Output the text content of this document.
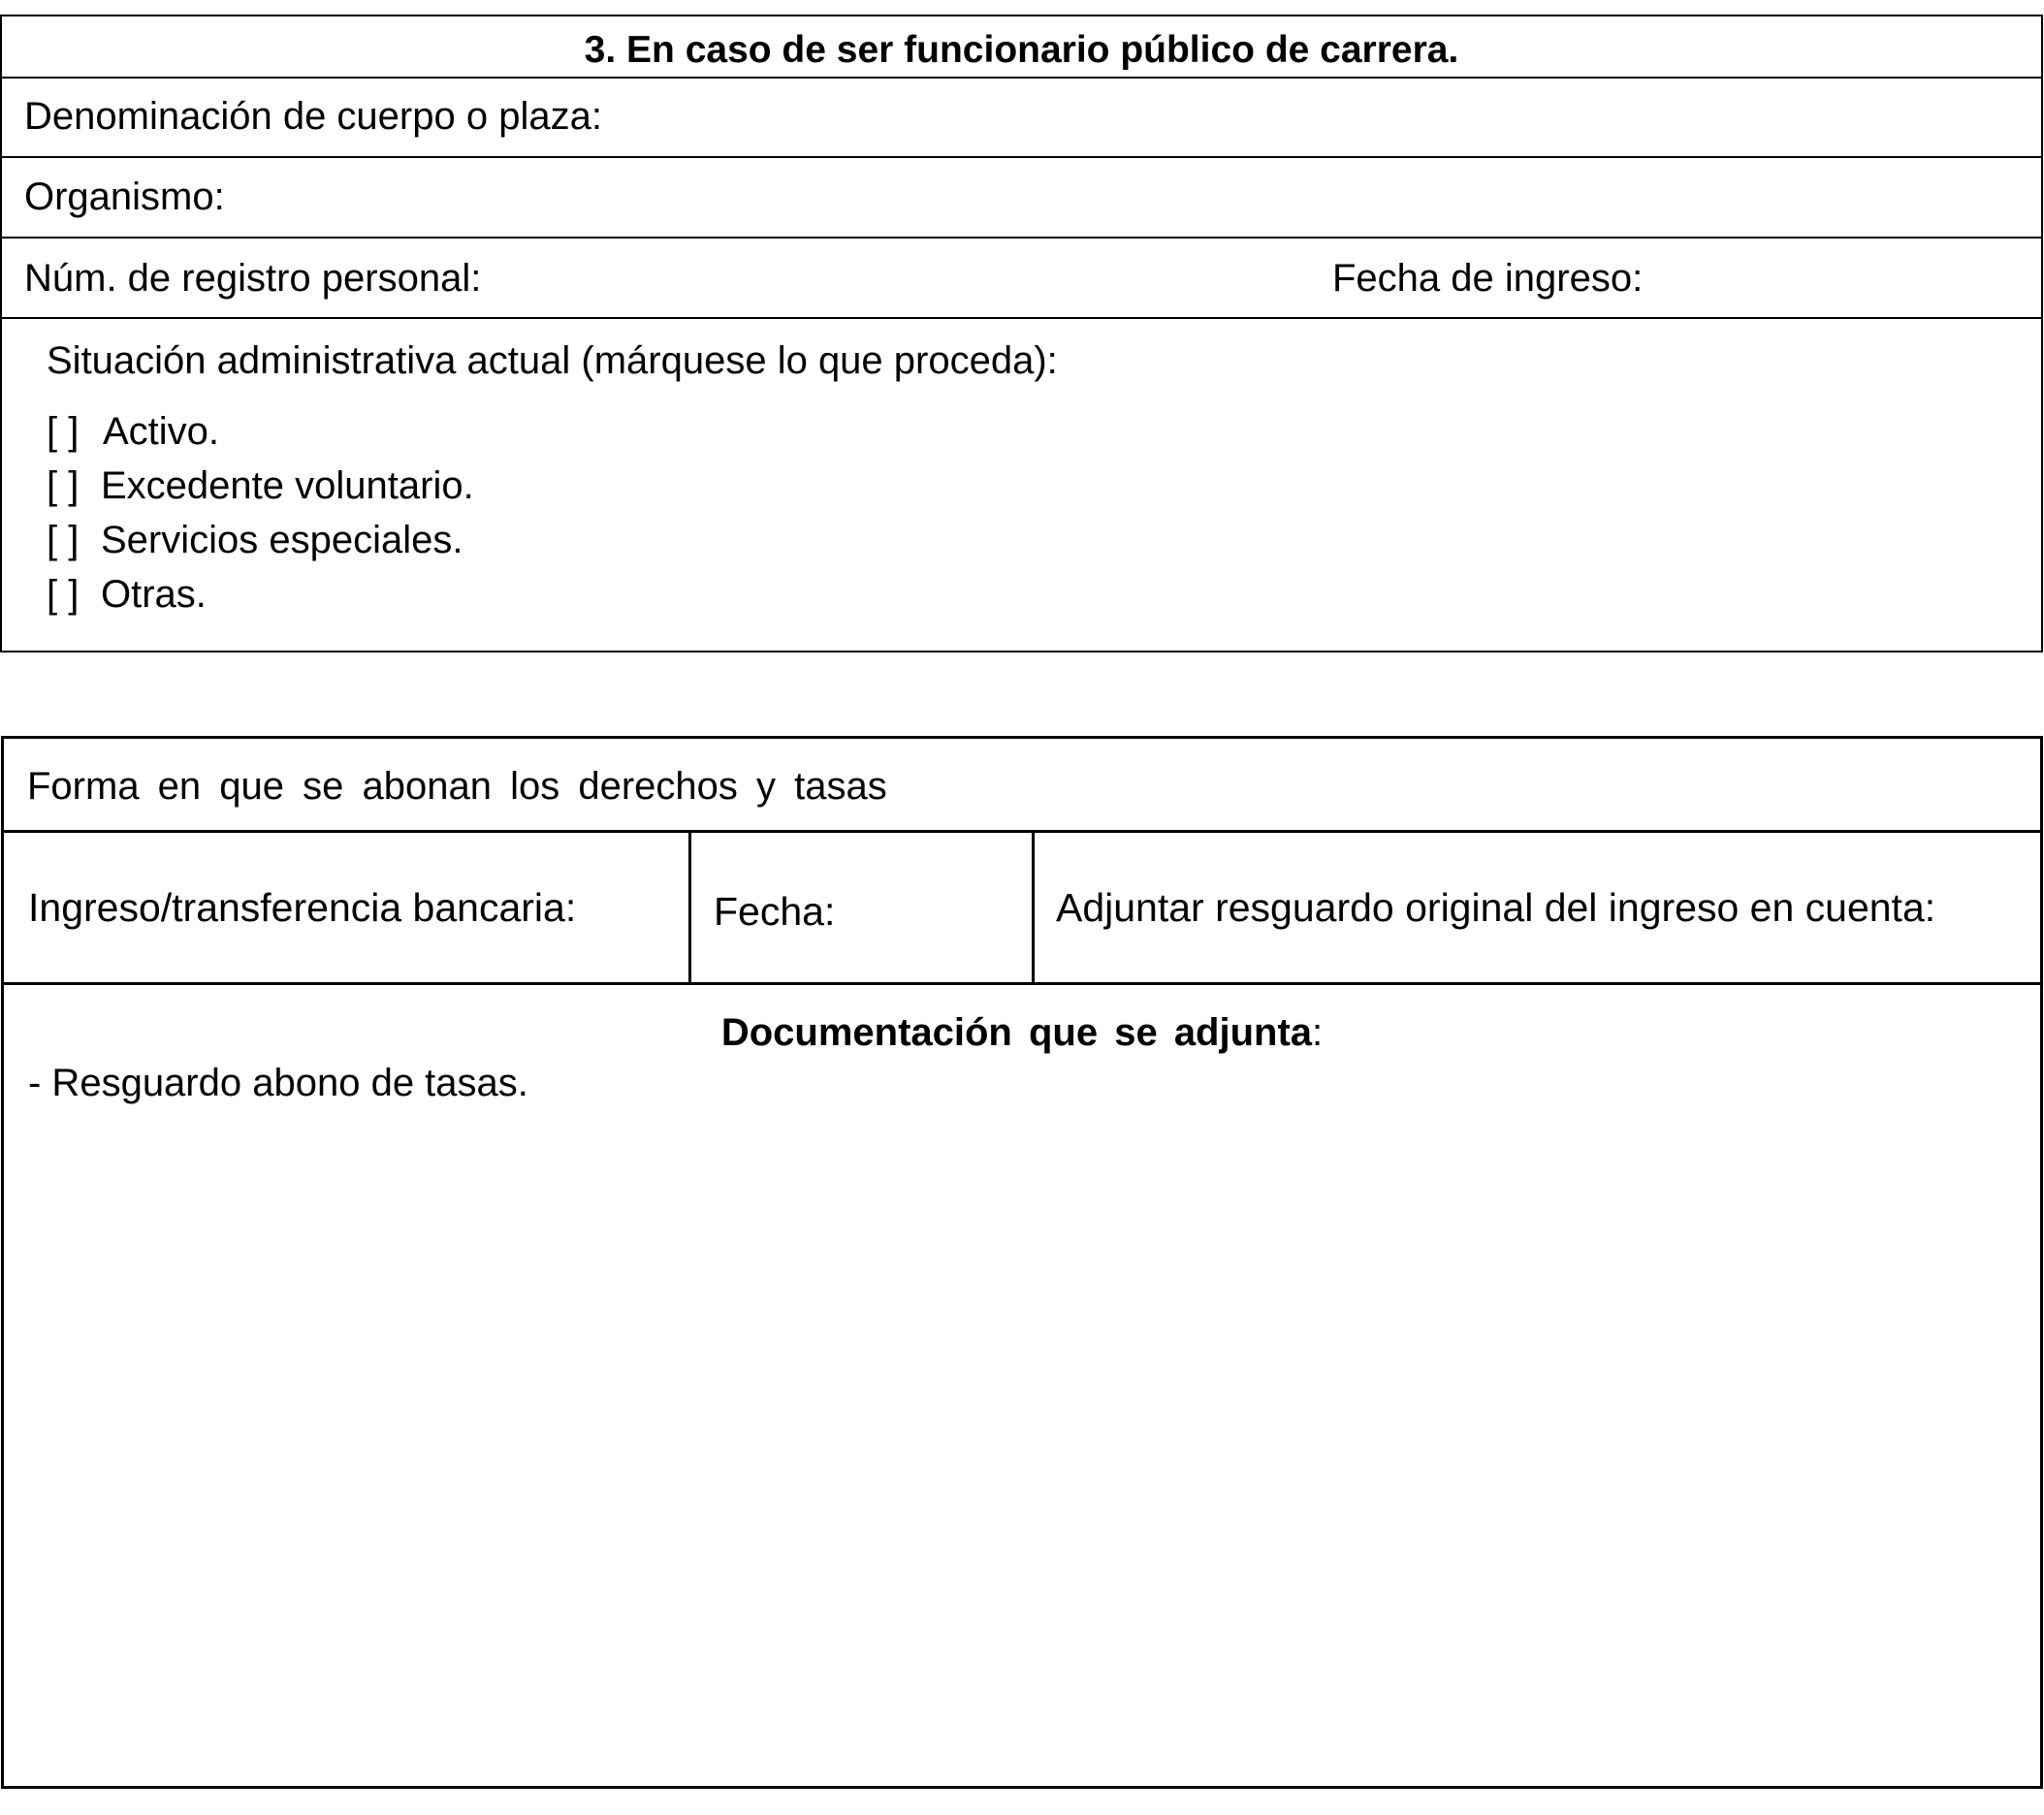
3. En caso de ser funcionario público de carrera.
Denominación de cuerpo o plaza:
Organismo:
Núm. de registro personal:	Fecha de ingreso:
Situación administrativa actual (márquese lo que proceda):
[ ] Activo.
[ ] Excedente voluntario.
[ ] Servicios especiales.
[ ] Otras.
Forma en que se abonan los derechos y tasas
Ingreso/transferencia bancaria:	Fecha:	Adjuntar resguardo original del ingreso en cuenta:
Documentación que se adjunta:
- Resguardo abono de tasas.
